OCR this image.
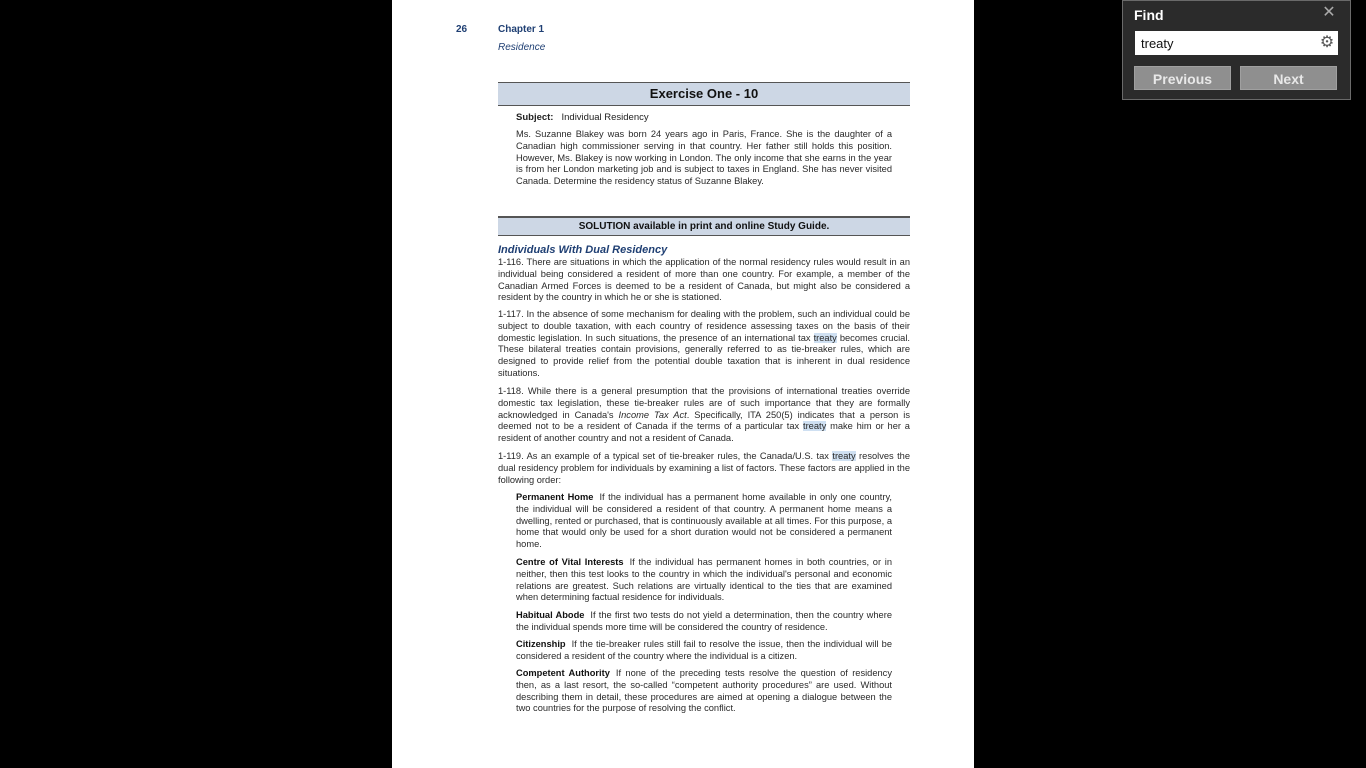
26	Chapter 1
Residence
Exercise One - 10
Subject: Individual Residency
Ms. Suzanne Blakey was born 24 years ago in Paris, France. She is the daughter of a Canadian high commissioner serving in that country. Her father still holds this position. However, Ms. Blakey is now working in London. The only income that she earns in the year is from her London marketing job and is subject to taxes in England. She has never visited Canada. Determine the residency status of Suzanne Blakey.
SOLUTION available in print and online Study Guide.
Individuals With Dual Residency
1-116. There are situations in which the application of the normal residency rules would result in an individual being considered a resident of more than one country. For example, a member of the Canadian Armed Forces is deemed to be a resident of Canada, but might also be considered a resident by the country in which he or she is stationed.
1-117. In the absence of some mechanism for dealing with the problem, such an individual could be subject to double taxation, with each country of residence assessing taxes on the basis of their domestic legislation. In such situations, the presence of an international tax treaty becomes crucial. These bilateral treaties contain provisions, generally referred to as tie-breaker rules, which are designed to provide relief from the potential double taxation that is inherent in dual residence situations.
1-118. While there is a general presumption that the provisions of international treaties override domestic tax legislation, these tie-breaker rules are of such importance that they are formally acknowledged in Canada's Income Tax Act. Specifically, ITA 250(5) indicates that a person is deemed not to be a resident of Canada if the terms of a particular tax treaty make him or her a resident of another country and not a resident of Canada.
1-119. As an example of a typical set of tie-breaker rules, the Canada/U.S. tax treaty resolves the dual residency problem for individuals by examining a list of factors. These factors are applied in the following order:
Permanent Home If the individual has a permanent home available in only one country, the individual will be considered a resident of that country. A permanent home means a dwelling, rented or purchased, that is continuously available at all times. For this purpose, a home that would only be used for a short duration would not be considered a permanent home.
Centre of Vital Interests If the individual has permanent homes in both countries, or in neither, then this test looks to the country in which the individual's personal and economic relations are greatest. Such relations are virtually identical to the ties that are examined when determining factual residence for individuals.
Habitual Abode If the first two tests do not yield a determination, then the country where the individual spends more time will be considered the country of residence.
Citizenship If the tie-breaker rules still fail to resolve the issue, then the individual will be considered a resident of the country where the individual is a citizen.
Competent Authority If none of the preceding tests resolve the question of residency then, as a last resort, the so-called “competent authority procedures” are used. Without describing them in detail, these procedures are aimed at opening a dialogue between the two countries for the purpose of resolving the conflict.
Find	✕
treaty
⚙
Previous	Next
